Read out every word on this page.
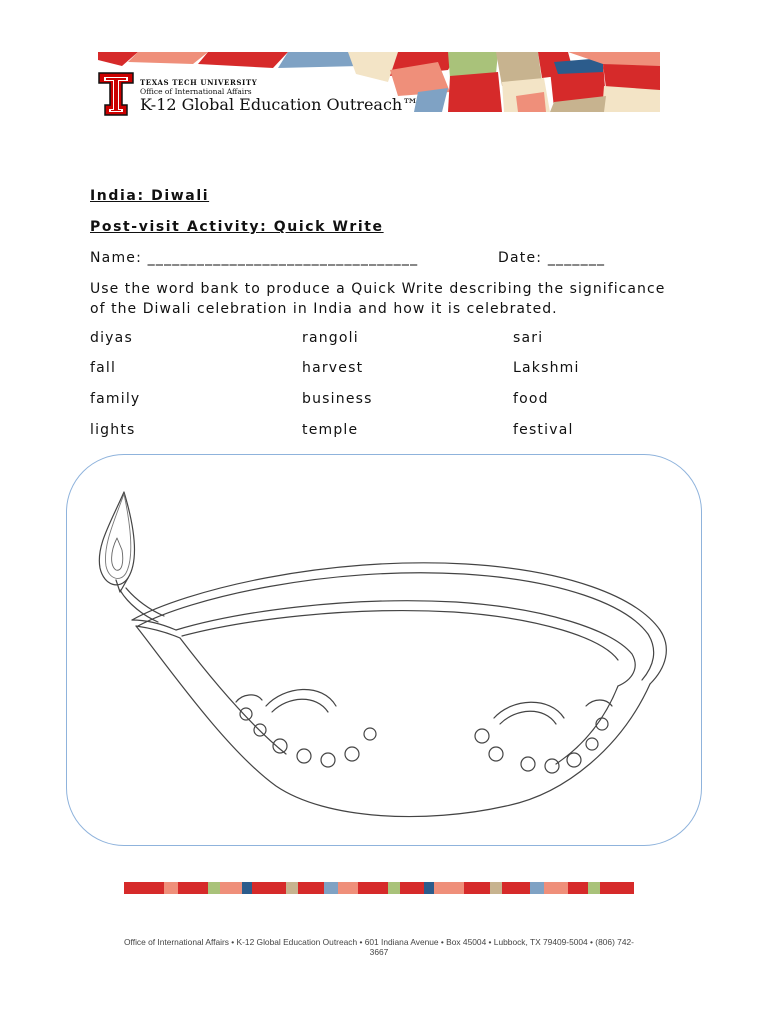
TEXAS TECH UNIVERSITY
Office of International Affairs
K-12 Global Education Outreach™
India: Diwali
Post-visit Activity: Quick Write
Name: _________________________________	Date: _______
Use the word bank to produce a Quick Write describing the significance of the Diwali celebration in India and how it is celebrated.
diyas	rangoli	sari
fall	harvest	Lakshmi
family	business	food
lights	temple	festival
Office of International Affairs • K-12 Global Education Outreach • 601 Indiana Avenue • Box 45004 • Lubbock, TX 79409-5004 • (806) 742-3667
